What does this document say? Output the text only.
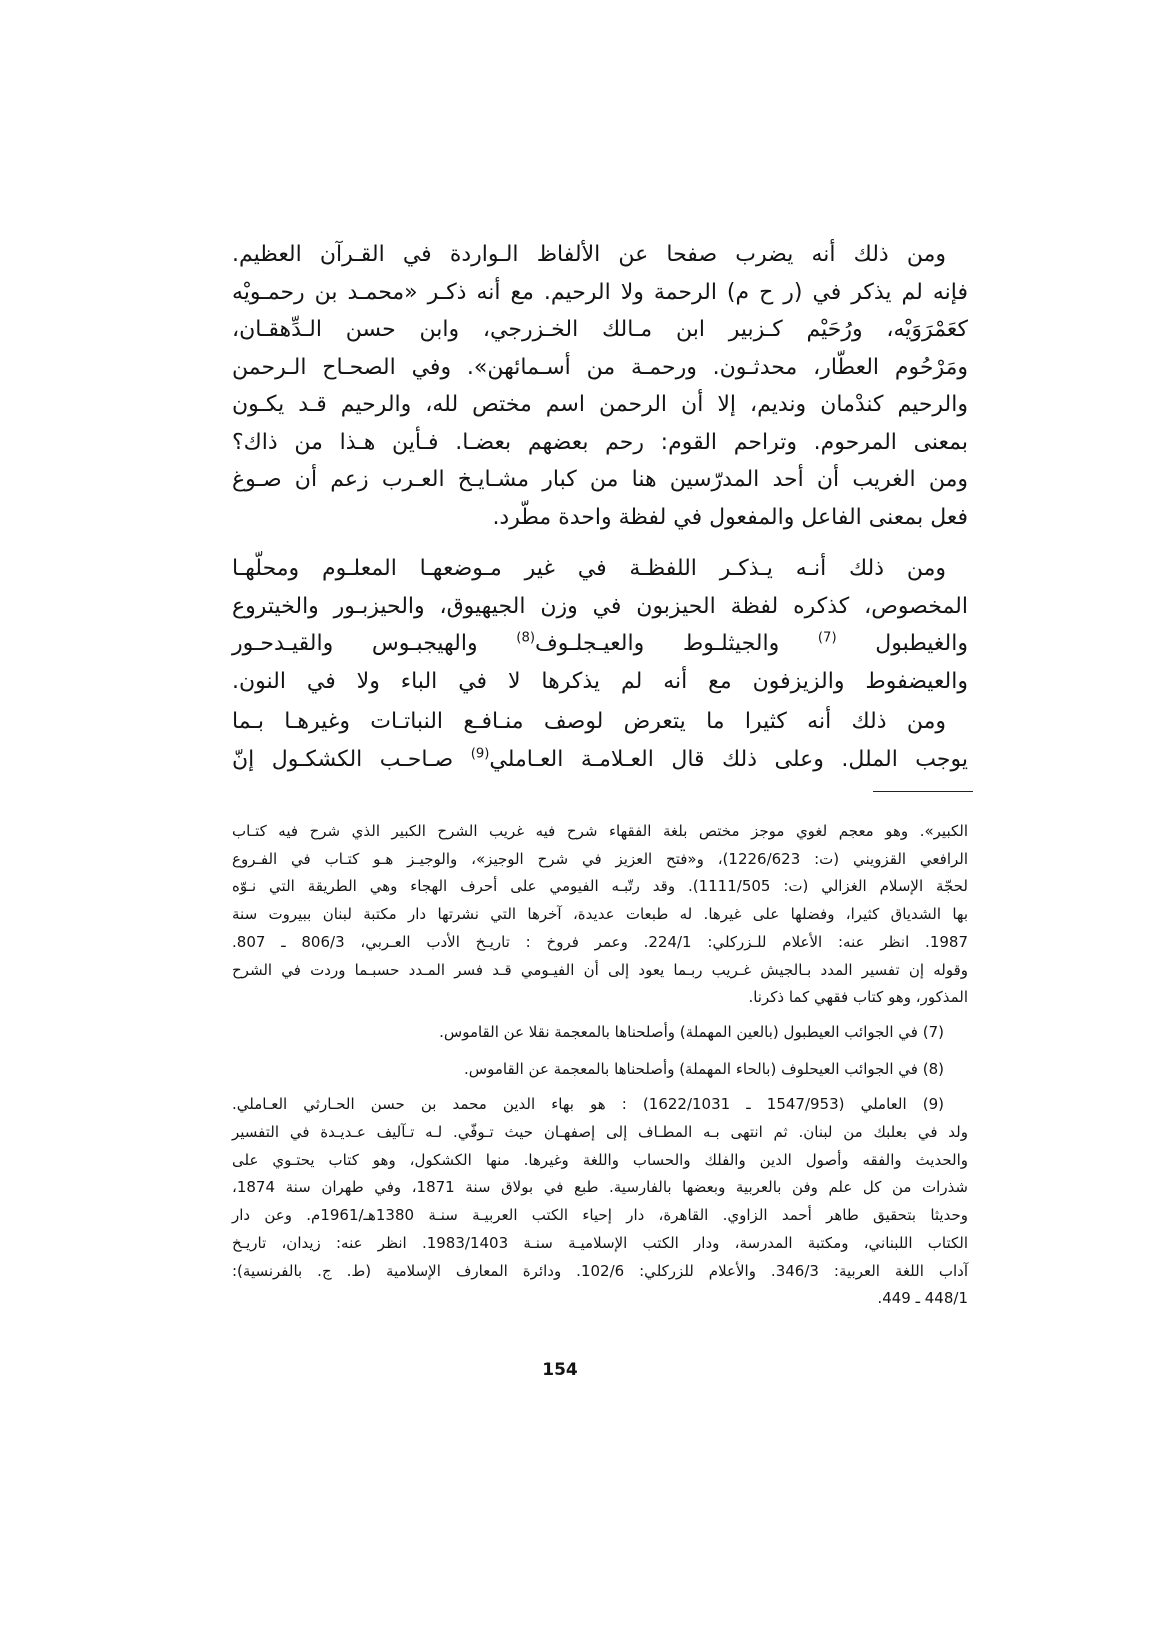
ومن ذلك أنه يضرب صفحا عن الألفاظ الـواردة في القـرآن العظيم.
فإنه لم يذكر في (ر ح م) الرحمة ولا الرحيم. مع أنه ذكـر «محمـد بن رحمـويْه
كعَمْرَوَيْه، ورُحَيْم كـزبير ابن مـالك الخـزرجي، وابن حسن الـدِّهقـان،
ومَرْحُوم العطّار، محدثـون. ورحمـة من أسـمائهن». وفي الصحـاح الـرحمن
والرحيم كندْمان ونديم، إلا أن الرحمن اسم مختص لله، والرحيم قـد يكـون
بمعنى المرحوم. وتراحم القوم: رحم بعضهم بعضـا. فـأين هـذا من ذاك؟
ومن الغريب أن أحد المدرّسين هنا من كبار مشـايـخ العـرب زعم أن صـوغ
فعل بمعنى الفاعل والمفعول في لفظة واحدة مطّرد.
ومن ذلك أنـه يـذكـر اللفظـة في غير مـوضعهـا المعلـوم ومحلّهـا
المخصوص، كذكره لفظة الحيزبون في وزن الجيهيوق، والحيزبـور والخيتروع
والغيطبول $^{(7)}$ والجيثلـوط والعيـجلـوف$^{(8)}$ والهيجبـوس والقيـدحـور
والعيضفوط والزيزفون مع أنه لم يذكرها لا في الباء ولا في النون.
ومن ذلك أنه كثيرا ما يتعرض لوصف منـافـع النباتـات وغيرهـا بـما
يوجب الملل. وعلى ذلك قال العـلامـة العـاملي$^{(9)}$ صـاحـب الكشكـول إنّ
الكبير». وهو معجم لغوي موجز مختص بلغة الفقهاء شرح فيه غريب الشرح الكبير الذي شرح فيه كتـاب
الرافعي القزويني (ت: 1226/623)، و«فتح العزيز في شرح الوجيز»، والوجيـز هـو كتـاب في الفـروع
لحجّة الإسلام الغزالي (ت: 1111/505). وقد رتّبـه الفيومي على أحرف الهجاء وهي الطريقة التي نـوّه
بها الشدياق كثيرا، وفضلها على غيرها. له طبعات عديدة، آخرها التي نشرتها دار مكتبة لبنان ببيروت سنة
1987. انظر عنه: الأعلام للـزركلي: 224/1. وعمر فروخ : تاريـخ الأدب العـربي، 806/3 ـ 807.
وقوله إن تفسير المدد بـالجيش غـريب ربـما يعود إلى أن الفيـومي قـد فسر المـدد حسبـما وردت في الشرح
المذكور، وهو كتاب فقهي كما ذكرنا.
(7) في الجوائب العيطبول (بالعين المهملة) وأصلحناها بالمعجمة نقلا عن القاموس.
(8) في الجوائب العيحلوف (بالحاء المهملة) وأصلحناها بالمعجمة عن القاموس.
(9) العاملي (1547/953 ـ 1622/1031) : هو بهاء الدين محمد بن حسن الحـارثي العـاملي.
ولد في بعلبك من لبنان. ثم انتهى بـه المطـاف إلى إصفهـان حيث تـوفّي. لـه تـآليف عـديـدة في التفسير
والحديث والفقه وأصول الدين والفلك والحساب واللغة وغيرها. منها الكشكول، وهو كتاب يحتـوي على
شذرات من كل علم وفن بالعربية وبعضها بالفارسية. طبع في بولاق سنة 1871، وفي طهران سنة 1874،
وحديثا بتحقيق طاهر أحمد الزاوي. القاهرة، دار إحياء الكتب العربيـة سنـة 1380هـ/1961م. وعن دار
الكتاب اللبناني، ومكتبة المدرسة، ودار الكتب الإسلاميـة سنـة 1983/1403. انظر عنه: زيدان، تاريـخ
آداب اللغة العربية: 346/3. والأعلام للزركلي: 102/6. ودائرة المعارف الإسلامية (ط. ج. بالفرنسية):
448/1 ـ 449.
154
